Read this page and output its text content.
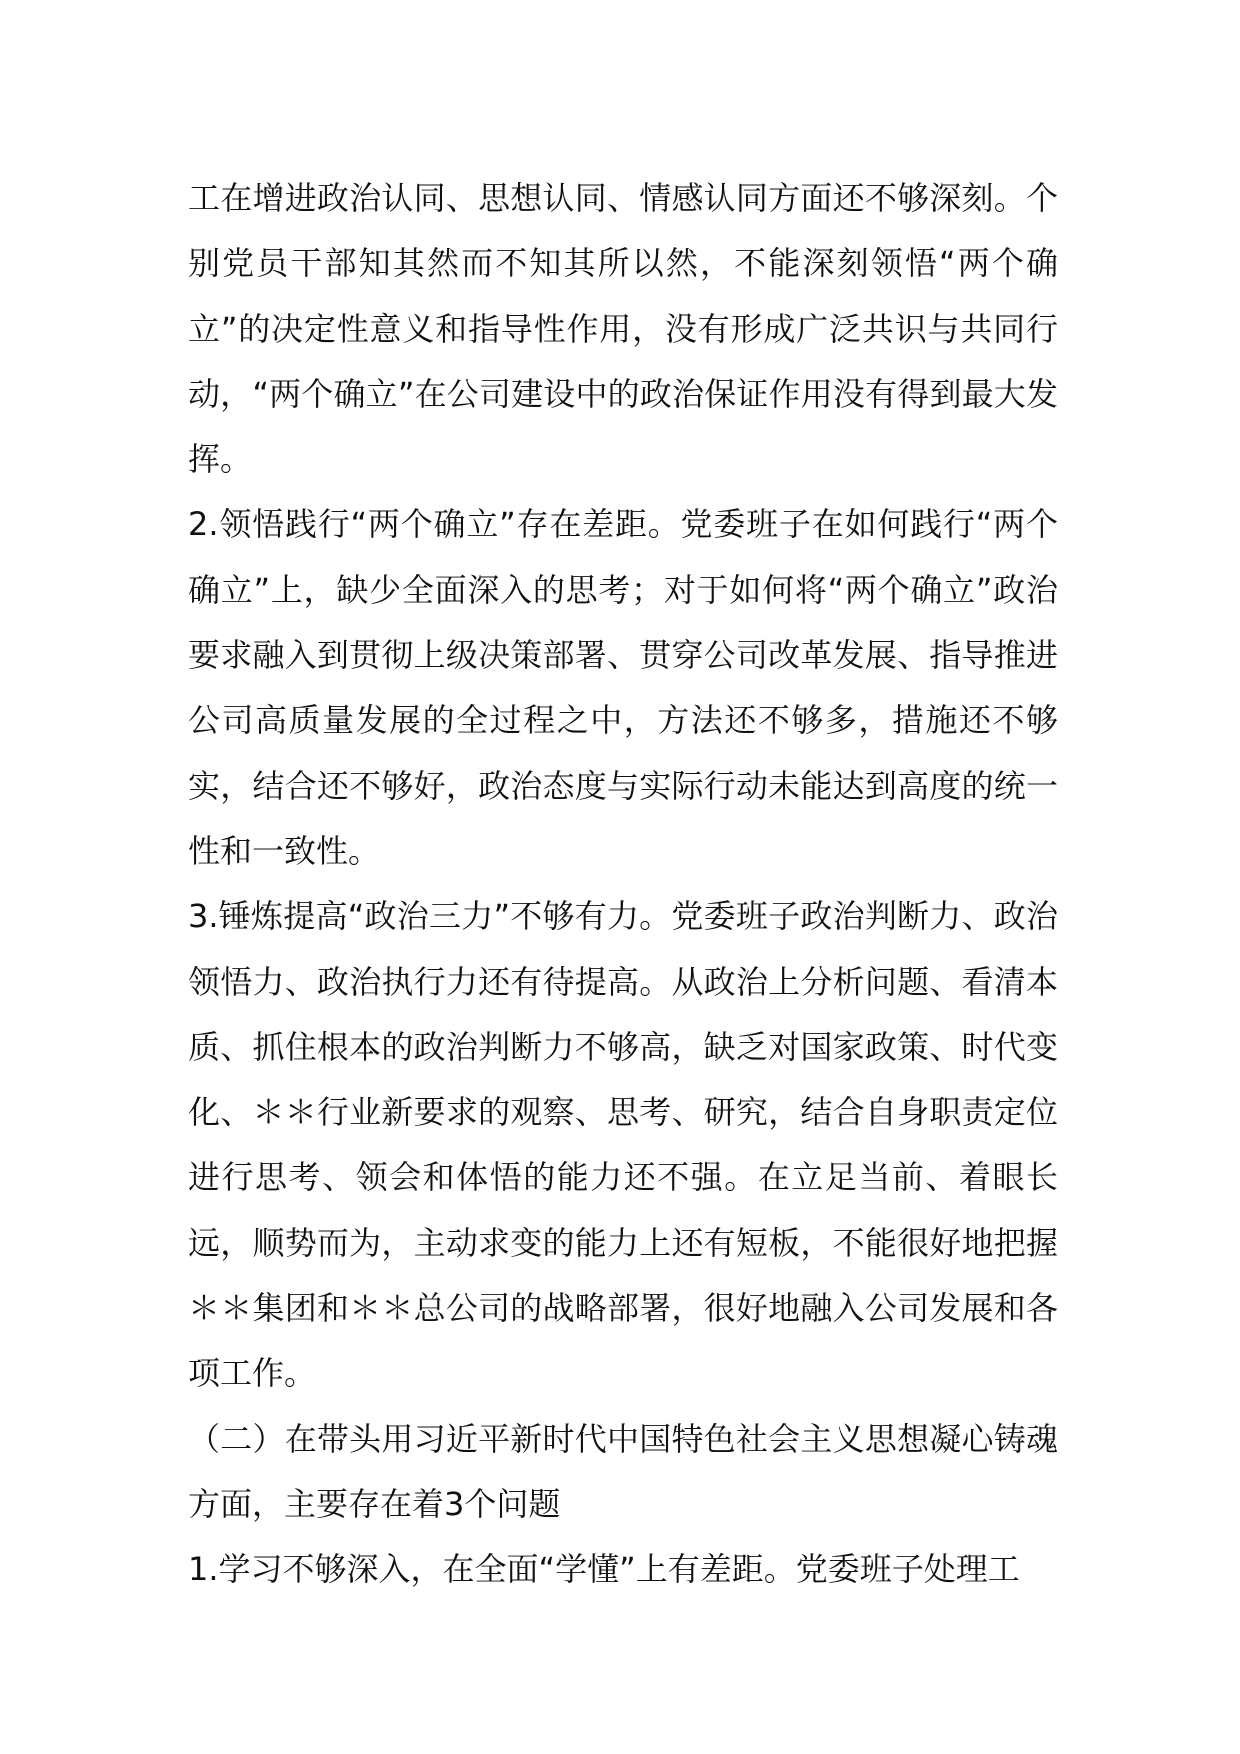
工在增进政治认同、思想认同、情感认同方面还不够深刻。个别党员干部知其然而不知其所以然，不能深刻领悟“两个确立”的决定性意义和指导性作用，没有形成广泛共识与共同行动，“两个确立”在公司建设中的政治保证作用没有得到最大发挥。

2.领悟践行“两个确立”存在差距。党委班子在如何践行“两个确立”上，缺少全面深入的思考；对于如何将“两个确立”政治要求融入到贯彻上级决策部署、贯穿公司改革发展、指导推进公司高质量发展的全过程之中，方法还不够多，措施还不够实，结合还不够好，政治态度与实际行动未能达到高度的统一性和一致性。

3.锤炼提高“政治三力”不够有力。党委班子政治判断力、政治领悟力、政治执行力还有待提高。从政治上分析问题、看清本质、抓住根本的政治判断力不够高，缺乏对国家政策、时代变化、＊＊行业新要求的观察、思考、研究，结合自身职责定位进行思考、领会和体悟的能力还不强。在立足当前、着眼长远，顺势而为，主动求变的能力上还有短板，不能很好地把握＊＊集团和＊＊总公司的战略部署，很好地融入公司发展和各项工作。

（二）在带头用习近平新时代中国特色社会主义思想凝心铸魂方面，主要存在着3个问题

1.学习不够深入，在全面“学懂”上有差距。党委班子处理工
